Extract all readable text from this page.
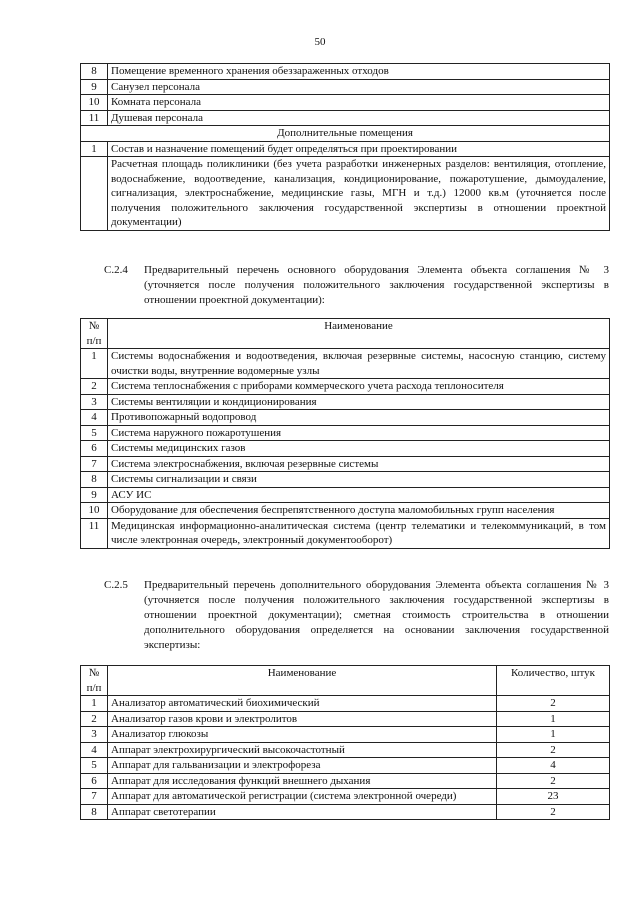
50
8	Помещение временного хранения обеззараженных отходов
9	Санузел персонала
10	Комната персонала
11	Душевая персонала
Дополнительные помещения	
1	Состав и назначение помещений будет определяться при проектировании
	Расчетная площадь поликлиники (без учета разработки инженерных разделов: вентиляция, отопление, водоснабжение, водоотведение, канализация, кондиционирование, пожаротушение, дымоудаление, сигнализация, электроснабжение, медицинские газы, МГН и т.д.) 12000 кв.м (уточняется после получения положительного заключения государственной экспертизы в отношении проектной документации)
С.2.4 Предварительный перечень основного оборудования Элемента объекта соглашения № 3 (уточняется после получения положительного заключения государственной экспертизы в отношении проектной документации):
№ п/п	Наименование
1	Системы водоснабжения и водоотведения, включая резервные системы, насосную станцию, систему очистки воды, внутренние водомерные узлы
2	Система теплоснабжения с приборами коммерческого учета расхода теплоносителя
3	Системы вентиляции и кондиционирования
4	Противопожарный водопровод
5	Система наружного пожаротушения
6	Системы медицинских газов
7	Система электроснабжения, включая резервные системы
8	Системы сигнализации и связи
9	АСУ ИС
10	Оборудование для обеспечения беспрепятственного доступа маломобильных групп населения
11	Медицинская информационно-аналитическая система (центр телематики и телекоммуникаций, в том числе электронная очередь, электронный документооборот)
С.2.5 Предварительный перечень дополнительного оборудования Элемента объекта соглашения № 3 (уточняется после получения положительного заключения государственной экспертизы в отношении проектной документации); сметная стоимость строительства в отношении дополнительного оборудования определяется на основании заключения государственной экспертизы:
№ п/п	Наименование	Количество, штук
1	Анализатор автоматический биохимический	2
2	Анализатор газов крови и электролитов	1
3	Анализатор глюкозы	1
4	Аппарат электрохирургический высокочастотный	2
5	Аппарат для гальванизации и электрофореза	4
6	Аппарат для исследования функций внешнего дыхания	2
7	Аппарат для автоматической регистрации (система электронной очереди)	23
8	Аппарат светотерапии	2
